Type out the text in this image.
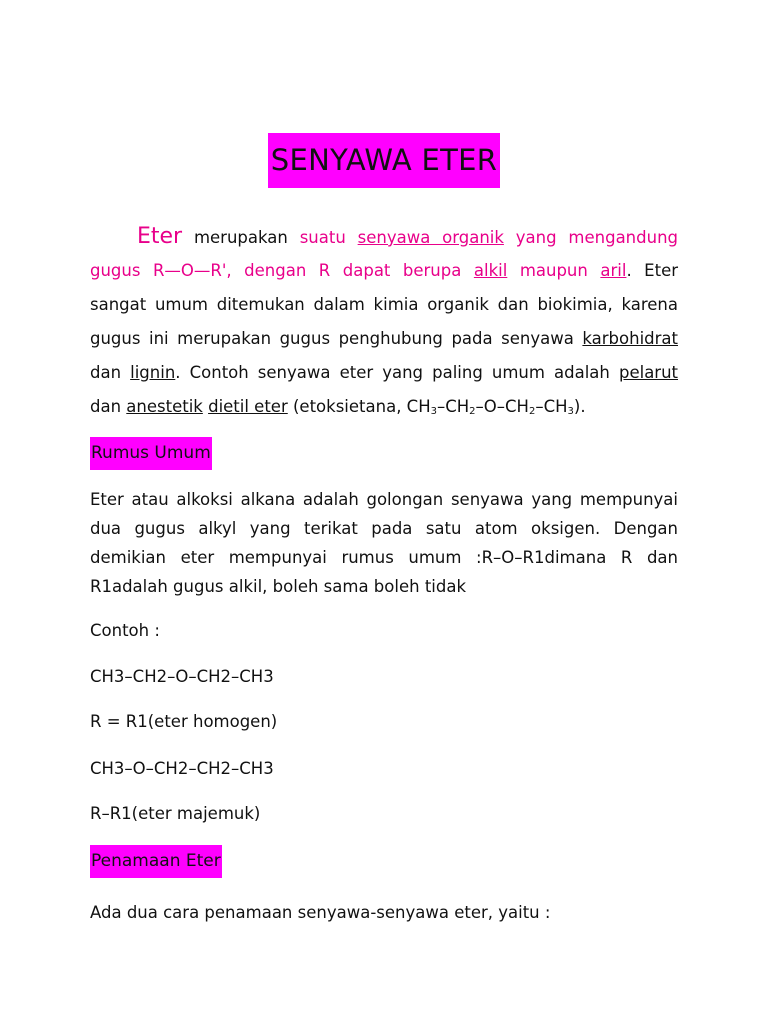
SENYAWA ETER
Eter merupakan suatu senyawa organik yang mengandung
gugus R—O—R', dengan R dapat berupa alkil maupun aril. Eter
sangat umum ditemukan dalam kimia organik dan biokimia, karena
gugus ini merupakan gugus penghubung pada senyawa karbohidrat
dan lignin. Contoh senyawa eter yang paling umum adalah pelarut
dan anestetik dietil eter (etoksietana, $CH_3-CH_2-O-CH_2-CH_3$).
Rumus Umum
Eter atau alkoksi alkana adalah golongan senyawa yang mempunyai
dua gugus alkyl yang terikat pada satu atom oksigen. Dengan
demikian eter mempunyai rumus umum :R–O–R1dimana R dan
R1adalah gugus alkil, boleh sama boleh tidak
Contoh :
CH3–CH2–O–CH2–CH3
R = R1(eter homogen)
CH3–O–CH2–CH2–CH3
R–R1(eter majemuk)
Penamaan Eter
Ada dua cara penamaan senyawa-senyawa eter, yaitu :
